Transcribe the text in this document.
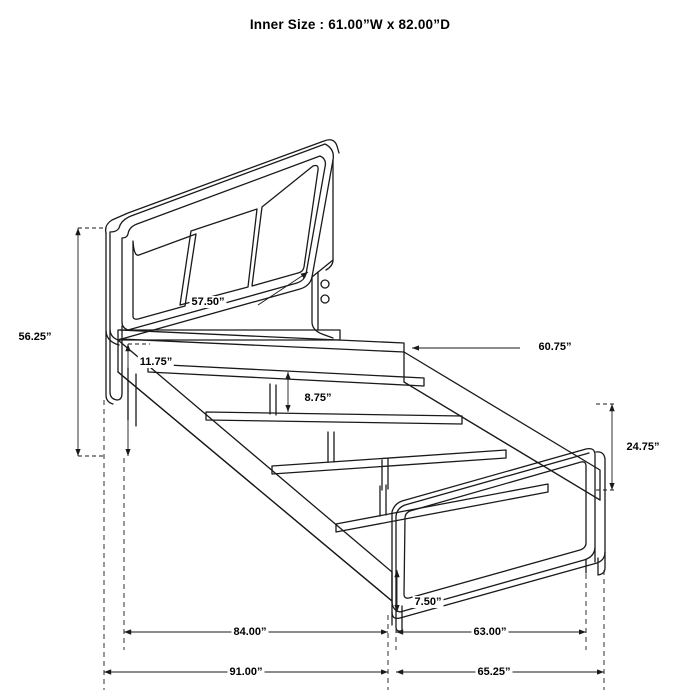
Inner Size : 61.00”W x 82.00”D
56.25”
57.50”
11.75”
8.75”
60.75”
24.75”
7.50”
84.00”	63.00”
91.00”	65.25”
